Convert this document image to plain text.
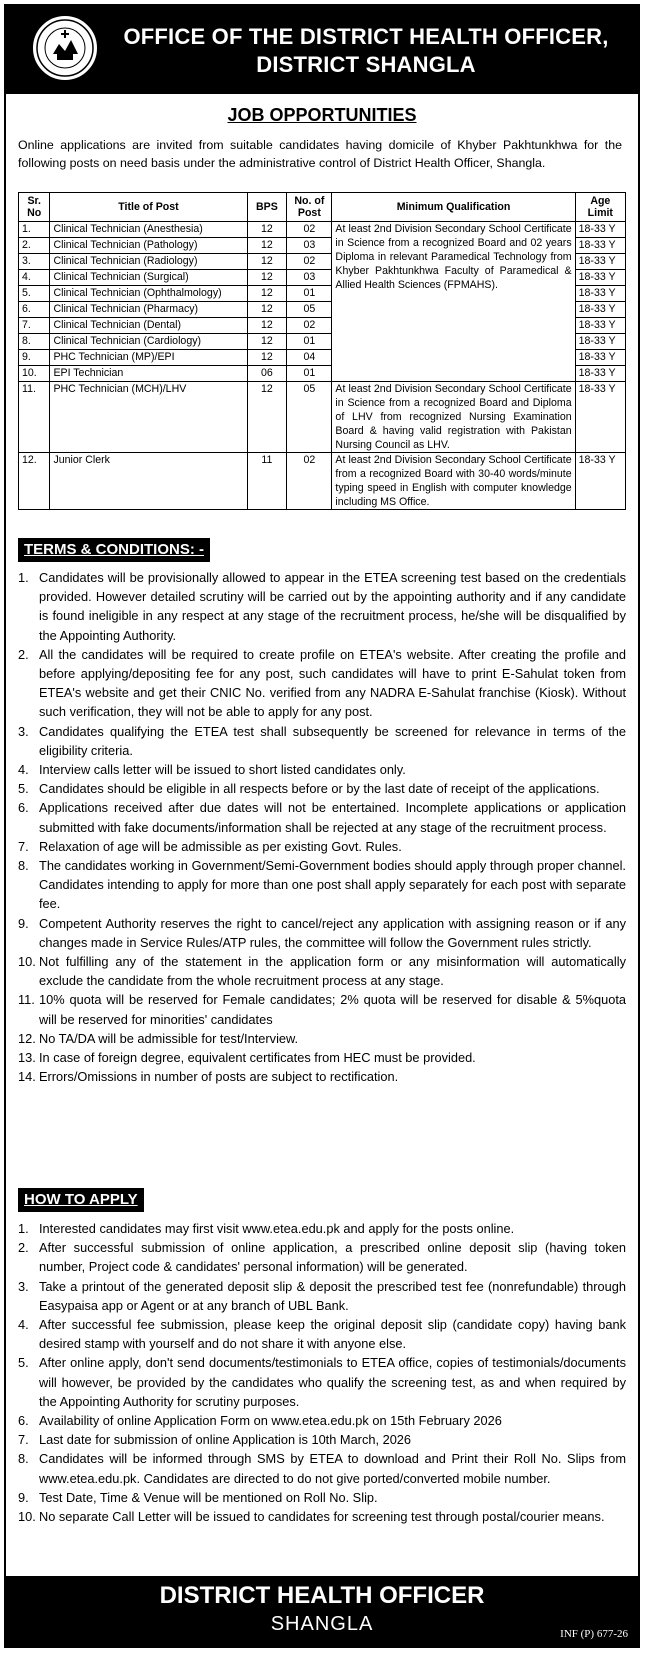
OFFICE OF THE DISTRICT HEALTH OFFICER,
DISTRICT SHANGLA
JOB OPPORTUNITIES
Online applications are invited from suitable candidates having domicile of Khyber Pakhtunkhwa for the following posts on need basis under the administrative control of District Health Officer, Shangla.
Sr. No	Title of Post	BPS	No. of Post	Minimum Qualification	Age Limit
1.	Clinical Technician (Anesthesia)	12	02	At least 2nd Division Secondary School Certificate in Science from a recognized Board and 02 years Diploma in relevant Paramedical Technology from Khyber Pakhtunkhwa Faculty of Paramedical & Allied Health Sciences (FPMAHS).	18-33 Y
2.	Clinical Technician (Pathology)	12	03		18-33 Y
3.	Clinical Technician (Radiology)	12	02		18-33 Y
4.	Clinical Technician (Surgical)	12	03		18-33 Y
5.	Clinical Technician (Ophthalmology)	12	01		18-33 Y
6.	Clinical Technician (Pharmacy)	12	05		18-33 Y
7.	Clinical Technician (Dental)	12	02		18-33 Y
8.	Clinical Technician (Cardiology)	12	01		18-33 Y
9.	PHC Technician (MP)/EPI	12	04		18-33 Y
10.	EPI Technician	06	01		18-33 Y
11.	PHC Technician (MCH)/LHV	12	05	At least 2nd Division Secondary School Certificate in Science from a recognized Board and Diploma of LHV from recognized Nursing Examination Board & having valid registration with Pakistan Nursing Council as LHV.	18-33 Y
12.	Junior Clerk	11	02	At least 2nd Division Secondary School Certificate from a recognized Board with 30-40 words/minute typing speed in English with computer knowledge including MS Office.	18-33 Y
TERMS & CONDITIONS: -
1. Candidates will be provisionally allowed to appear in the ETEA screening test based on the credentials provided. However detailed scrutiny will be carried out by the appointing authority and if any candidate is found ineligible in any respect at any stage of the recruitment process, he/she will be disqualified by the Appointing Authority.
2. All the candidates will be required to create profile on ETEA's website. After creating the profile and before applying/depositing fee for any post, such candidates will have to print E-Sahulat token from ETEA's website and get their CNIC No. verified from any NADRA E-Sahulat franchise (Kiosk). Without such verification, they will not be able to apply for any post.
3. Candidates qualifying the ETEA test shall subsequently be screened for relevance in terms of the eligibility criteria.
4. Interview calls letter will be issued to short listed candidates only.
5. Candidates should be eligible in all respects before or by the last date of receipt of the applications.
6. Applications received after due dates will not be entertained. Incomplete applications or application submitted with fake documents/information shall be rejected at any stage of the recruitment process.
7. Relaxation of age will be admissible as per existing Govt. Rules.
8. The candidates working in Government/Semi-Government bodies should apply through proper channel. Candidates intending to apply for more than one post shall apply separately for each post with separate fee.
9. Competent Authority reserves the right to cancel/reject any application with assigning reason or if any changes made in Service Rules/ATP rules, the committee will follow the Government rules strictly.
10. Not fulfilling any of the statement in the application form or any misinformation will automatically exclude the candidate from the whole recruitment process at any stage.
11. 10% quota will be reserved for Female candidates; 2% quota will be reserved for disable & 5%quota will be reserved for minorities' candidates
12. No TA/DA will be admissible for test/Interview.
13. In case of foreign degree, equivalent certificates from HEC must be provided.
14. Errors/Omissions in number of posts are subject to rectification.
HOW TO APPLY
1. Interested candidates may first visit www.etea.edu.pk and apply for the posts online.
2. After successful submission of online application, a prescribed online deposit slip (having token number, Project code & candidates' personal information) will be generated.
3. Take a printout of the generated deposit slip & deposit the prescribed test fee (nonrefundable) through Easypaisa app or Agent or at any branch of UBL Bank.
4. After successful fee submission, please keep the original deposit slip (candidate copy) having bank desired stamp with yourself and do not share it with anyone else.
5. After online apply, don't send documents/testimonials to ETEA office, copies of testimonials/documents will however, be provided by the candidates who qualify the screening test, as and when required by the Appointing Authority for scrutiny purposes.
6. Availability of online Application Form on www.etea.edu.pk on 15th February 2026
7. Last date for submission of online Application is 10th March, 2026
8. Candidates will be informed through SMS by ETEA to download and Print their Roll No. Slips from www.etea.edu.pk. Candidates are directed to do not give ported/converted mobile number.
9. Test Date, Time & Venue will be mentioned on Roll No. Slip.
10. No separate Call Letter will be issued to candidates for screening test through postal/courier means.
DISTRICT HEALTH OFFICER
SHANGLA	INF (P) 677-26
